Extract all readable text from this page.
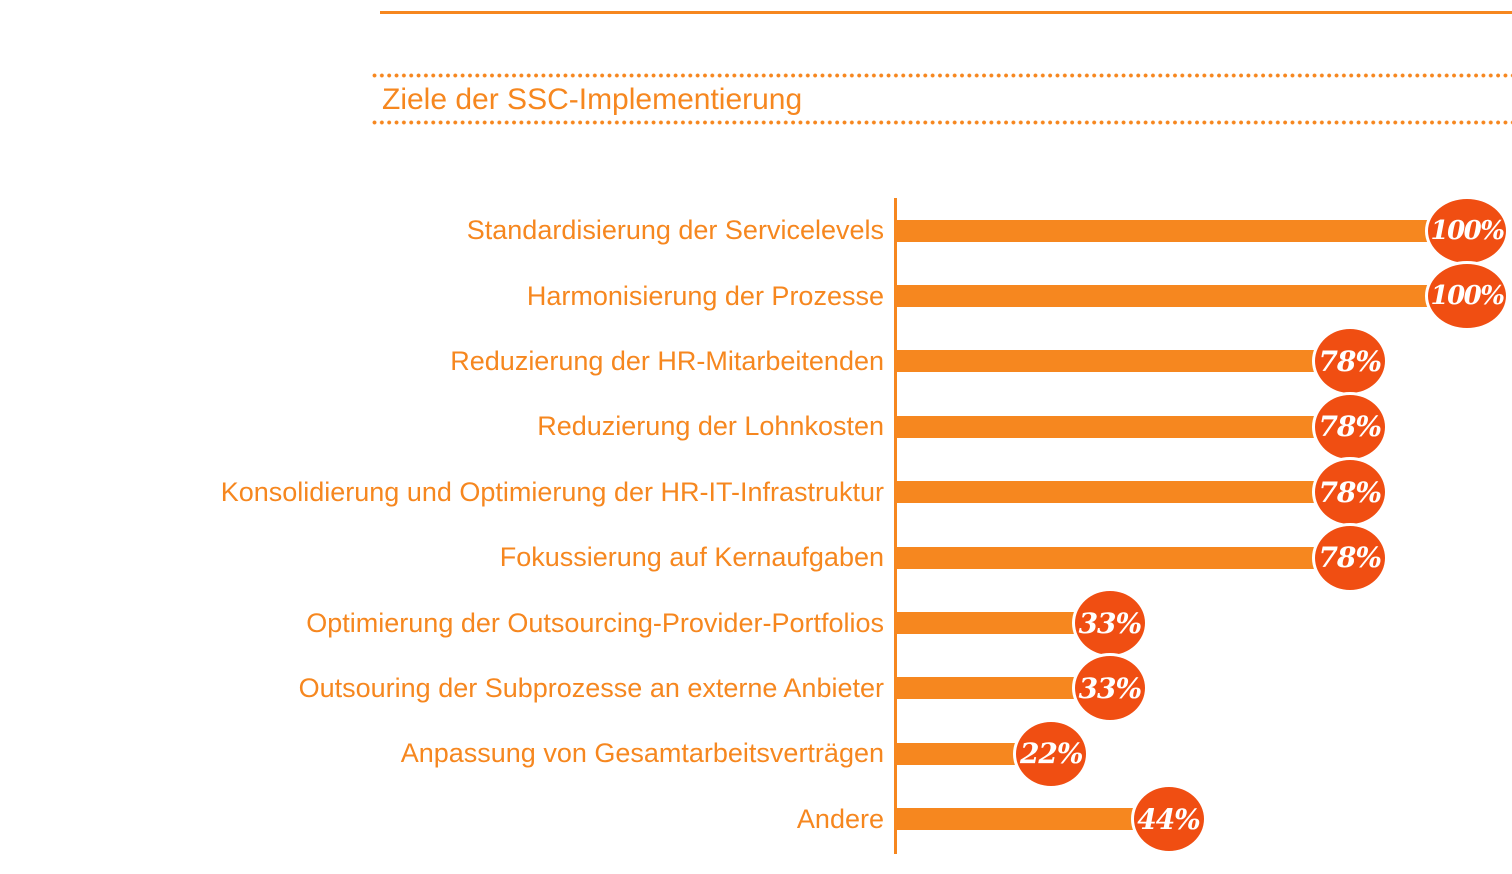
Ziele der SSC-Implementierung
Standardisierung der Servicelevels	100%
Harmonisierung der Prozesse	100%
Reduzierung der HR-Mitarbeitenden	78%
Reduzierung der Lohnkosten	78%
Konsolidierung und Optimierung der HR-IT-Infrastruktur	78%
Fokussierung auf Kernaufgaben	78%
Optimierung der Outsourcing-Provider-Portfolios	33%
Outsouring der Subprozesse an externe Anbieter	33%
Anpassung von Gesamtarbeitsverträgen	22%
Andere	44%
